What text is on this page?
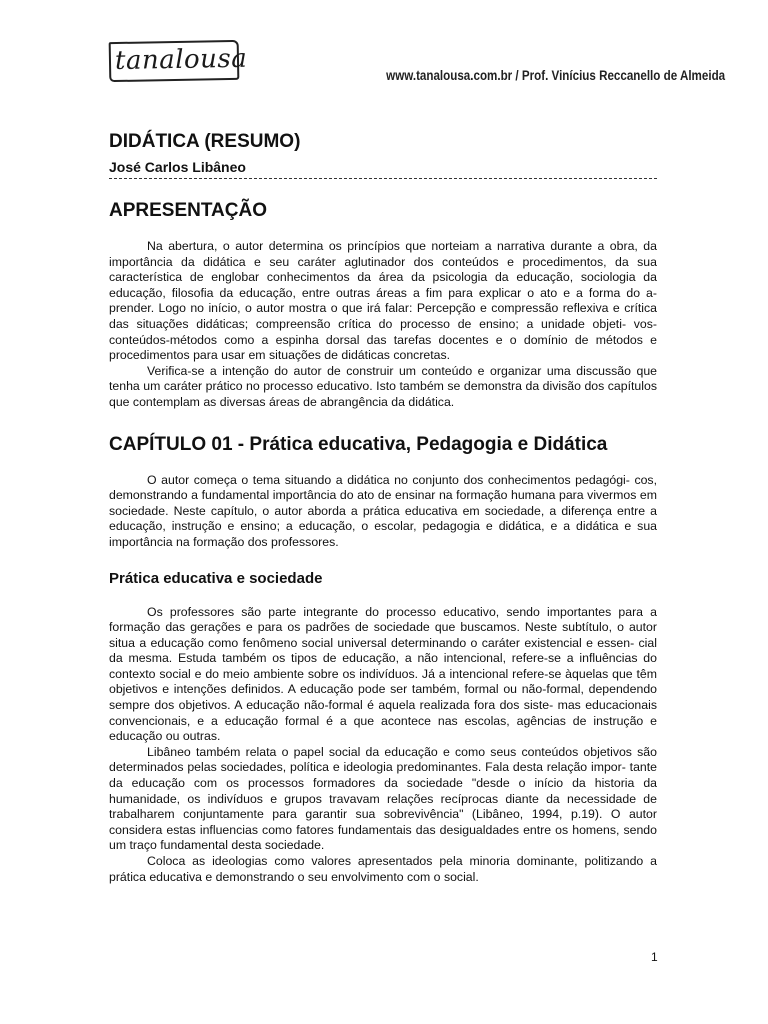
tanalousa	www.tanalousa.com.br / Prof. Vinícius Reccanello de Almeida
DIDÁTICA (RESUMO)
José Carlos Libâneo
APRESENTAÇÃO

Na abertura, o autor determina os princípios que norteiam a narrativa durante a obra, da importância da didática e seu caráter aglutinador dos conteúdos e procedimentos, da sua característica de englobar conhecimentos da área da psicologia da educação, sociologia da educação, filosofia da educação, entre outras áreas a fim para explicar o ato e a forma do a- prender. Logo no início, o autor mostra o que irá falar: Percepção e compressão reflexiva e crítica das situações didáticas; compreensão crítica do processo de ensino; a unidade objeti- vos-conteúdos-métodos como a espinha dorsal das tarefas docentes e o domínio de métodos e procedimentos para usar em situações de didáticas concretas.

Verifica-se a intenção do autor de construir um conteúdo e organizar uma discussão que tenha um caráter prático no processo educativo. Isto também se demonstra da divisão dos capítulos que contemplam as diversas áreas de abrangência da didática.

CAPÍTULO 01 - Prática educativa, Pedagogia e Didática

O autor começa o tema situando a didática no conjunto dos conhecimentos pedagógi- cos, demonstrando a fundamental importância do ato de ensinar na formação humana para vivermos em sociedade. Neste capítulo, o autor aborda a prática educativa em sociedade, a diferença entre a educação, instrução e ensino; a educação, o escolar, pedagogia e didática, e a didática e sua importância na formação dos professores.

Prática educativa e sociedade

Os professores são parte integrante do processo educativo, sendo importantes para a formação das gerações e para os padrões de sociedade que buscamos. Neste subtítulo, o autor situa a educação como fenômeno social universal determinando o caráter existencial e essen- cial da mesma. Estuda também os tipos de educação, a não intencional, refere-se a influências do contexto social e do meio ambiente sobre os indivíduos. Já a intencional refere-se àquelas que têm objetivos e intenções definidos. A educação pode ser também, formal ou não-formal, dependendo sempre dos objetivos. A educação não-formal é aquela realizada fora dos siste- mas educacionais convencionais, e a educação formal é a que acontece nas escolas, agências de instrução e educação ou outras.

Libâneo também relata o papel social da educação e como seus conteúdos objetivos são determinados pelas sociedades, política e ideologia predominantes. Fala desta relação impor- tante da educação com os processos formadores da sociedade "desde o início da historia da humanidade, os indivíduos e grupos travavam relações recíprocas diante da necessidade de trabalharem conjuntamente para garantir sua sobrevivência" (Libâneo, 1994, p.19). O autor considera estas influencias como fatores fundamentais das desigualdades entre os homens, sendo um traço fundamental desta sociedade.

Coloca as ideologias como valores apresentados pela minoria dominante, politizando a prática educativa e demonstrando o seu envolvimento com o social.

1
